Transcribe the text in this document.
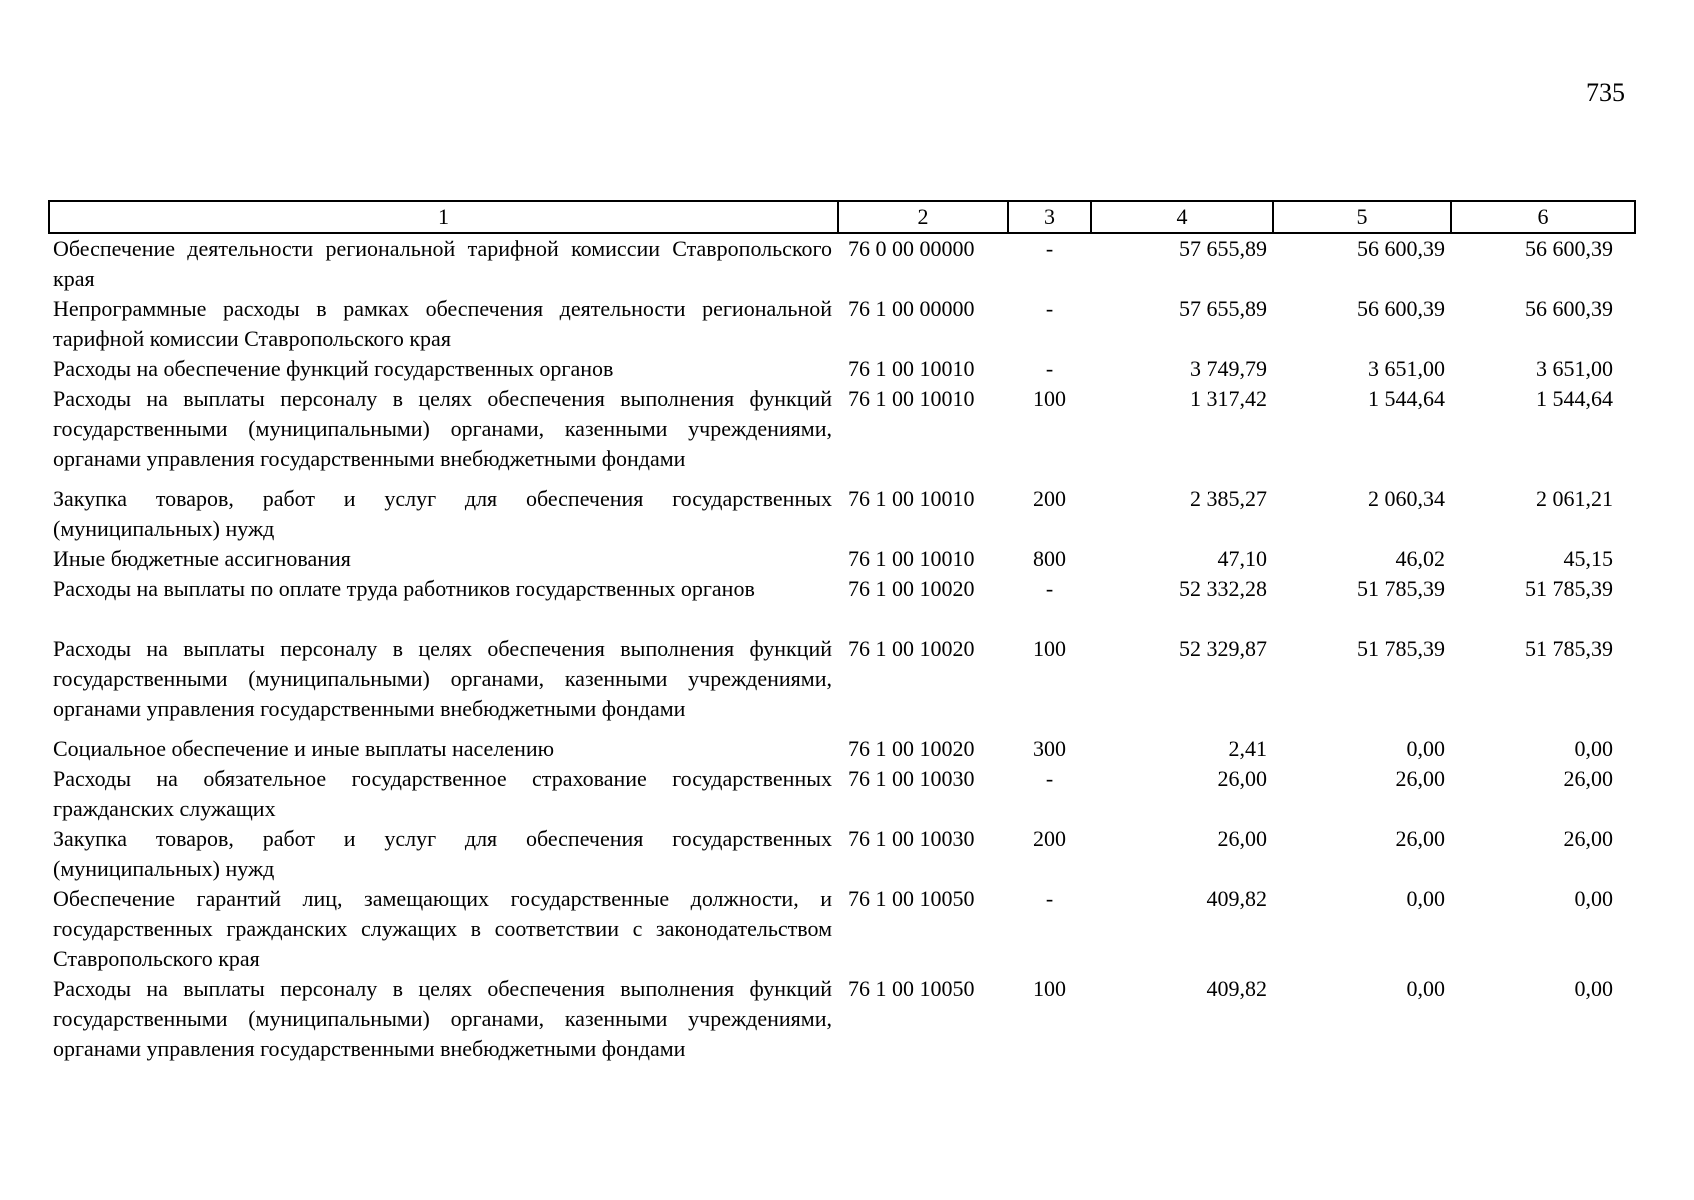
735
1	2	3	4	5	6
Обеспечение деятельности региональной тарифной комиссии Ставропольского края	76 0 00 00000	-	57 655,89	56 600,39	56 600,39
Непрограммные расходы в рамках обеспечения деятельности региональной тарифной комиссии Ставропольского края	76 1 00 00000	-	57 655,89	56 600,39	56 600,39
Расходы на обеспечение функций государственных органов	76 1 00 10010	-	3 749,79	3 651,00	3 651,00
Расходы на выплаты персоналу в целях обеспечения выполнения функций государственными (муниципальными) органами, казенными учреждениями, органами управления государственными внебюджетными фондами	76 1 00 10010	100	1 317,42	1 544,64	1 544,64
Закупка товаров, работ и услуг для обеспечения государственных (муниципальных) нужд	76 1 00 10010	200	2 385,27	2 060,34	2 061,21
Иные бюджетные ассигнования	76 1 00 10010	800	47,10	46,02	45,15
Расходы на выплаты по оплате труда работников государственных органов	76 1 00 10020	-	52 332,28	51 785,39	51 785,39
Расходы на выплаты персоналу в целях обеспечения выполнения функций государственными (муниципальными) органами, казенными учреждениями, органами управления государственными внебюджетными фондами	76 1 00 10020	100	52 329,87	51 785,39	51 785,39
Социальное обеспечение и иные выплаты населению	76 1 00 10020	300	2,41	0,00	0,00
Расходы на обязательное государственное страхование государственных гражданских служащих	76 1 00 10030	-	26,00	26,00	26,00
Закупка товаров, работ и услуг для обеспечения государственных (муниципальных) нужд	76 1 00 10030	200	26,00	26,00	26,00
Обеспечение гарантий лиц, замещающих государственные должности, и государственных гражданских служащих в соответствии с законодательством Ставропольского края	76 1 00 10050	-	409,82	0,00	0,00
Расходы на выплаты персоналу в целях обеспечения выполнения функций государственными (муниципальными) органами, казенными учреждениями, органами управления государственными внебюджетными фондами	76 1 00 10050	100	409,82	0,00	0,00
